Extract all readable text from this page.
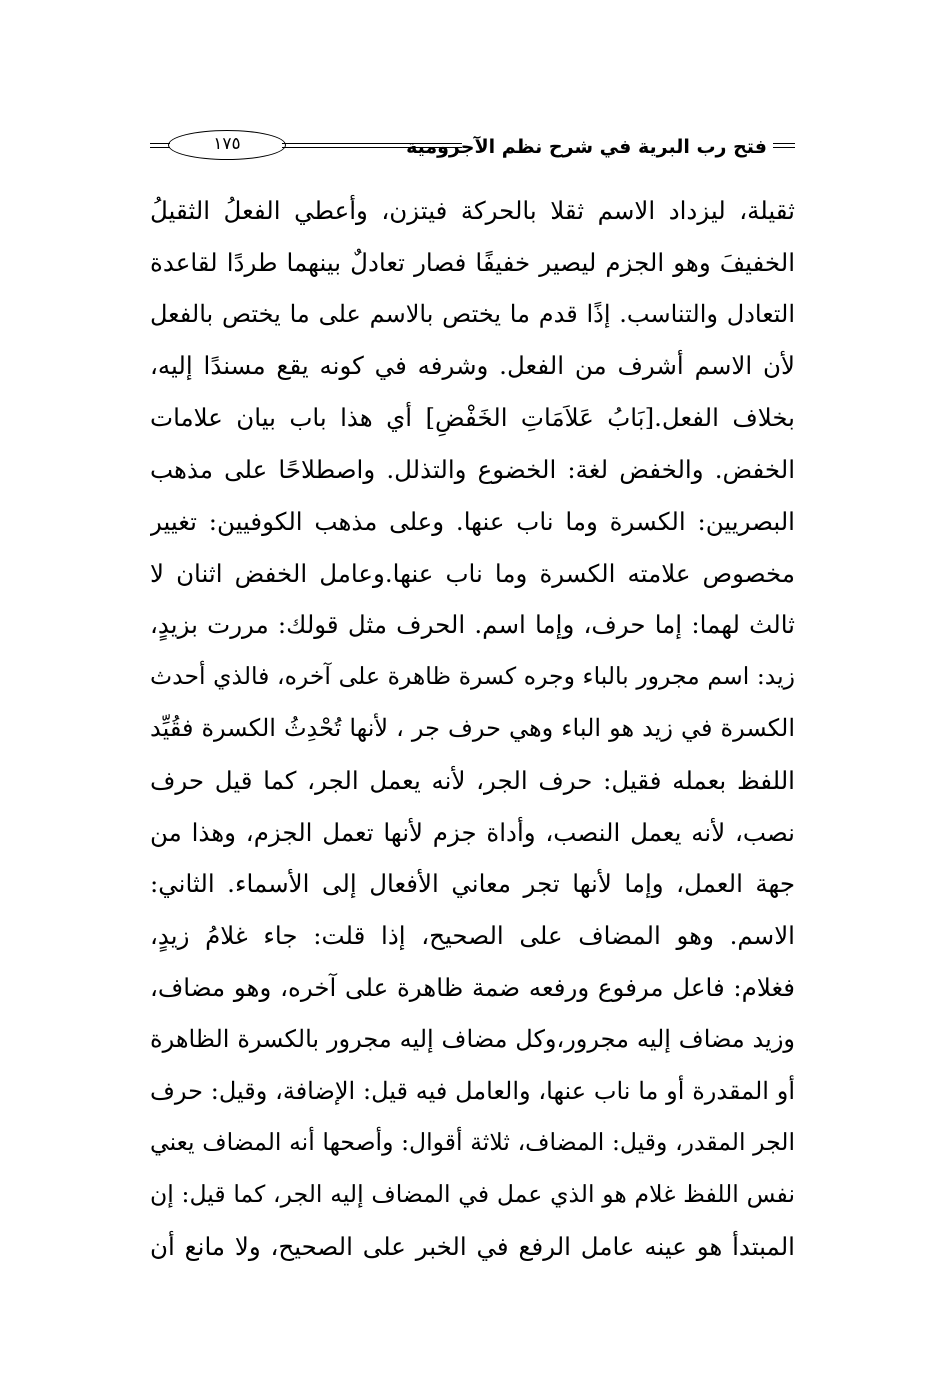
فتح رب البرية في شرح نظم الآجرومية
١٧٥
ثقيلة، ليزداد الاسم ثقلا بالحركة فيتزن، وأعطي الفعلُ الثقيلُ
الخفيفَ وهو الجزم ليصير خفيفًا فصار تعادلٌ بينهما طردًا لقاعدة
التعادل والتناسب. إذًا قدم ما يختص بالاسم على ما يختص بالفعل
لأن الاسم أشرف من الفعل. وشرفه في كونه يقع مسندًا إليه،
بخلاف الفعل.[بَابُ عَلاَمَاتِ الخَفْضِ] أي هذا باب بيان علامات
الخفض. والخفض لغة: الخضوع والتذلل. واصطلاحًا على مذهب
البصريين: الكسرة وما ناب عنها. وعلى مذهب الكوفيين: تغيير
مخصوص علامته الكسرة وما ناب عنها.وعامل الخفض اثنان لا
ثالث لهما: إما حرف، وإما اسم. الحرف مثل قولك: مررت بزيدٍ،
زيد: اسم مجرور بالباء وجره كسرة ظاهرة على آخره، فالذي أحدث
الكسرة في زيد هو الباء وهي حرف جر ، لأنها تُحْدِثُ الكسرة فقُيِّد
اللفظ بعمله فقيل: حرف الجر، لأنه يعمل الجر، كما قيل حرف
نصب، لأنه يعمل النصب، وأداة جزم لأنها تعمل الجزم، وهذا من
جهة العمل، وإما لأنها تجر معاني الأفعال إلى الأسماء. الثاني:
الاسم. وهو المضاف على الصحيح، إذا قلت: جاء غلامُ زيدٍ،
فغلام: فاعل مرفوع ورفعه ضمة ظاهرة على آخره، وهو مضاف،
وزيد مضاف إليه مجرور،وكل مضاف إليه مجرور بالكسرة الظاهرة
أو المقدرة أو ما ناب عنها، والعامل فيه قيل: الإضافة، وقيل: حرف
الجر المقدر، وقيل: المضاف، ثلاثة أقوال: وأصحها أنه المضاف يعني
نفس اللفظ غلام هو الذي عمل في المضاف إليه الجر، كما قيل: إن
المبتدأ هو عينه عامل الرفع في الخبر على الصحيح، ولا مانع أن
